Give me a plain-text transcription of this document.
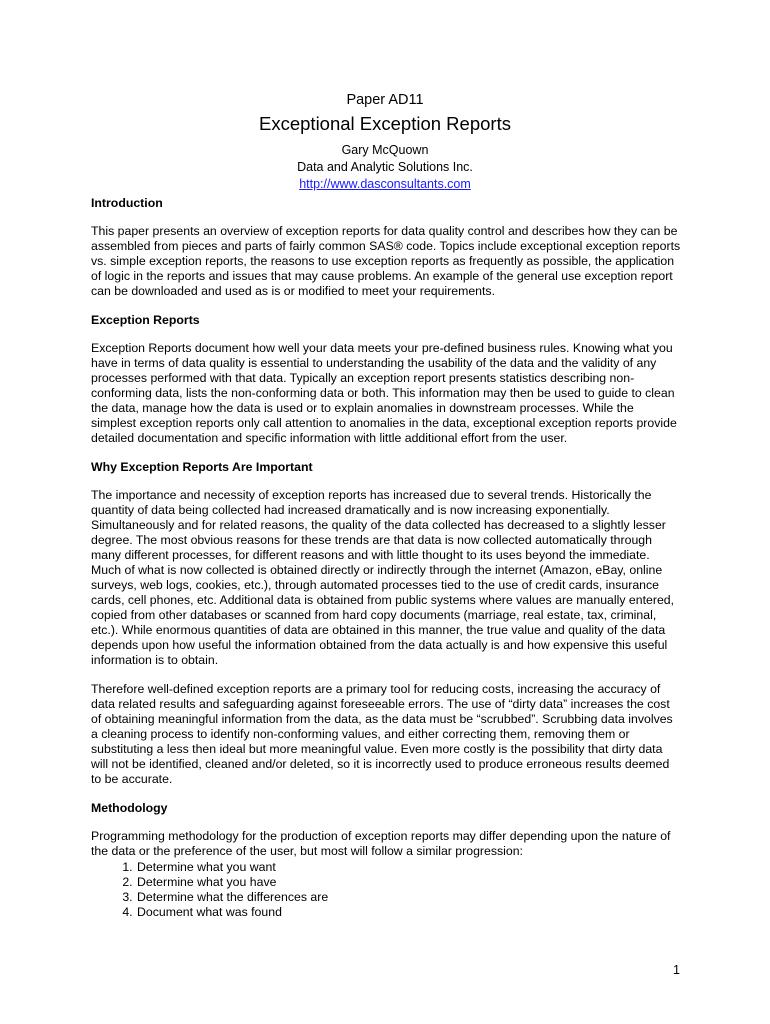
Paper AD11
Exceptional Exception Reports
Gary McQuown
Data and Analytic Solutions Inc.
http://www.dasconsultants.com
Introduction

This paper presents an overview of exception reports for data quality control and describes how they can be assembled from pieces and parts of fairly common SAS® code. Topics include exceptional exception reports vs. simple exception reports, the reasons to use exception reports as frequently as possible, the application of logic in the reports and issues that may cause problems. An example of the general use exception report can be downloaded and used as is or modified to meet your requirements.

Exception Reports

Exception Reports document how well your data meets your pre-defined business rules. Knowing what you have in terms of data quality is essential to understanding the usability of the data and the validity of any processes performed with that data. Typically an exception report presents statistics describing non-conforming data, lists the non-conforming data or both. This information may then be used to guide to clean the data, manage how the data is used or to explain anomalies in downstream processes. While the simplest exception reports only call attention to anomalies in the data, exceptional exception reports provide detailed documentation and specific information with little additional effort from the user.

Why Exception Reports Are Important

The importance and necessity of exception reports has increased due to several trends. Historically the quantity of data being collected had increased dramatically and is now increasing exponentially. Simultaneously and for related reasons, the quality of the data collected has decreased to a slightly lesser degree. The most obvious reasons for these trends are that data is now collected automatically through many different processes, for different reasons and with little thought to its uses beyond the immediate. Much of what is now collected is obtained directly or indirectly through the internet (Amazon, eBay, online surveys, web logs, cookies, etc.), through automated processes tied to the use of credit cards, insurance cards, cell phones, etc. Additional data is obtained from public systems where values are manually entered, copied from other databases or scanned from hard copy documents (marriage, real estate, tax, criminal, etc.). While enormous quantities of data are obtained in this manner, the true value and quality of the data depends upon how useful the information obtained from the data actually is and how expensive this useful information is to obtain.

Therefore well-defined exception reports are a primary tool for reducing costs, increasing the accuracy of data related results and safeguarding against foreseeable errors. The use of “dirty data” increases the cost of obtaining meaningful information from the data, as the data must be “scrubbed”. Scrubbing data involves a cleaning process to identify non-conforming values, and either correcting them, removing them or substituting a less then ideal but more meaningful value. Even more costly is the possibility that dirty data will not be identified, cleaned and/or deleted, so it is incorrectly used to produce erroneous results deemed to be accurate.

Methodology

Programming methodology for the production of exception reports may differ depending upon the nature of the data or the preference of the user, but most will follow a similar progression:

1. Determine what you want
2. Determine what you have
3. Determine what the differences are
4. Document what was found
1
